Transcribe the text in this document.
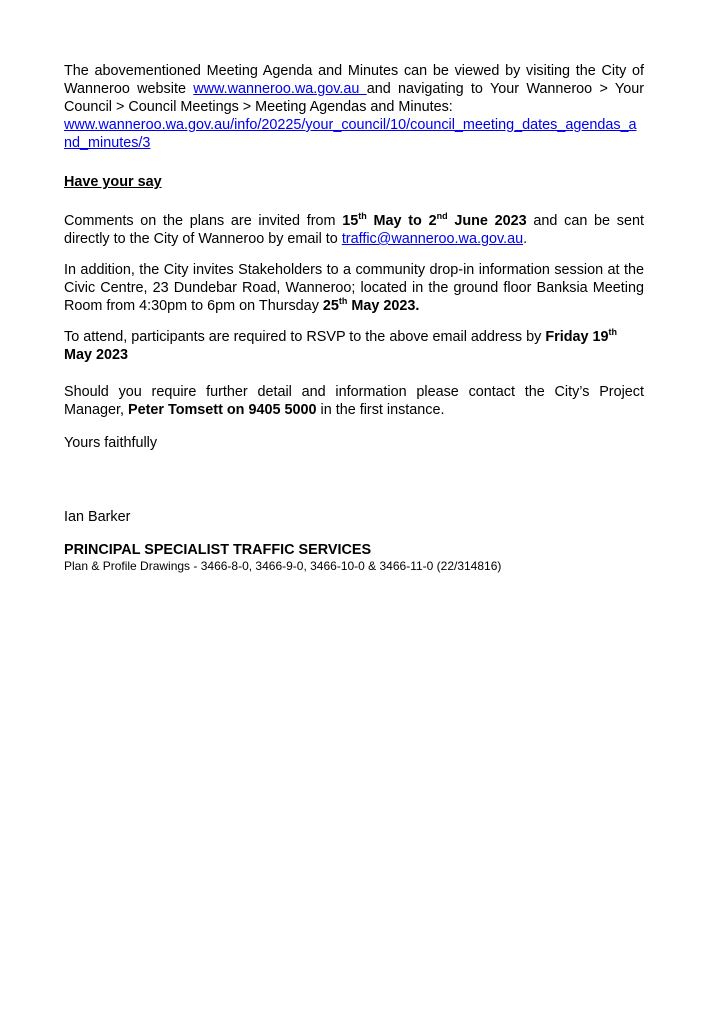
The abovementioned Meeting Agenda and Minutes can be viewed by visiting the City of Wanneroo website www.wanneroo.wa.gov.au and navigating to Your Wanneroo > Your Council > Council Meetings > Meeting Agendas and Minutes:
www.wanneroo.wa.gov.au/info/20225/your_council/10/council_meeting_dates_agendas_and_minutes/3

Have your say

Comments on the plans are invited from 15th May to 2nd June 2023 and can be sent directly to the City of Wanneroo by email to traffic@wanneroo.wa.gov.au.

In addition, the City invites Stakeholders to a community drop-in information session at the Civic Centre, 23 Dundebar Road, Wanneroo; located in the ground floor Banksia Meeting Room from 4:30pm to 6pm on Thursday 25th May 2023.

To attend, participants are required to RSVP to the above email address by Friday 19th May 2023

Should you require further detail and information please contact the City’s Project Manager, Peter Tomsett on 9405 5000 in the first instance.

Yours faithfully

Ian Barker

PRINCIPAL SPECIALIST TRAFFIC SERVICES

Plan & Profile Drawings - 3466-8-0, 3466-9-0, 3466-10-0 & 3466-11-0 (22/314816)
